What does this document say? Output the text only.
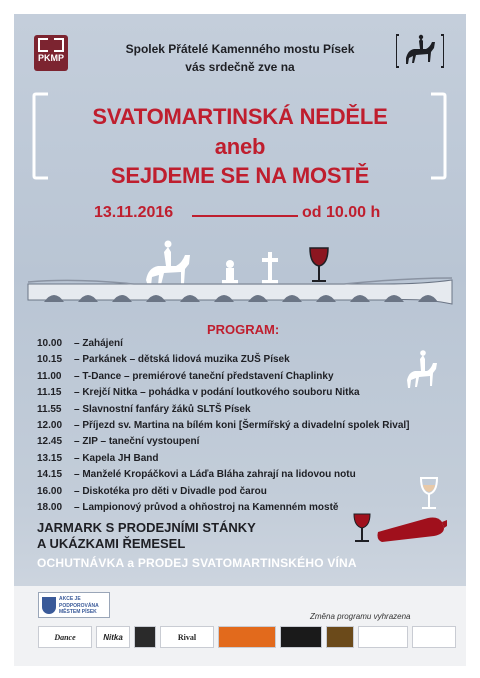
PKMP
Spolek Přátelé Kamenného mostu Písek
vás srdečně zve na
SVATOMARTINSKÁ NEDĚLE
aneb
SEJDEME SE NA MOSTĚ
13.11.2016	od 10.00 h
PROGRAM:
10.00 – Zahájení
10.15 – Parkánek – dětská lidová muzika ZUŠ Písek
11.00 – T-Dance – premiérové taneční představení Chaplinky
11.15 – Krejčí Nitka – pohádka v podání loutkového souboru Nitka
11.55 – Slavnostní fanfáry žáků SLTŠ Písek
12.00 – Příjezd sv. Martina na bílém koni [Šermířský a divadelní spolek Rival]
12.45 – ZIP – taneční vystoupení
13.15 – Kapela JH Band
14.15 – Manželé Kropáčkovi a Láďa Bláha zahrají na lidovou notu
16.00 – Diskotéka pro děti v Divadle pod čarou
18.00 – Lampionový průvod a ohňostroj na Kamenném mostě
JARMARK S PRODEJNÍMI STÁNKY
A UKÁZKAMI ŘEMESEL
OCHUTNÁVKA a PRODEJ SVATOMARTINSKÉHO VÍNA
AKCE JE PODPOROVÁNA MĚSTEM PÍSEK	Změna programu vyhrazena
Dance	Nitka	Rival
